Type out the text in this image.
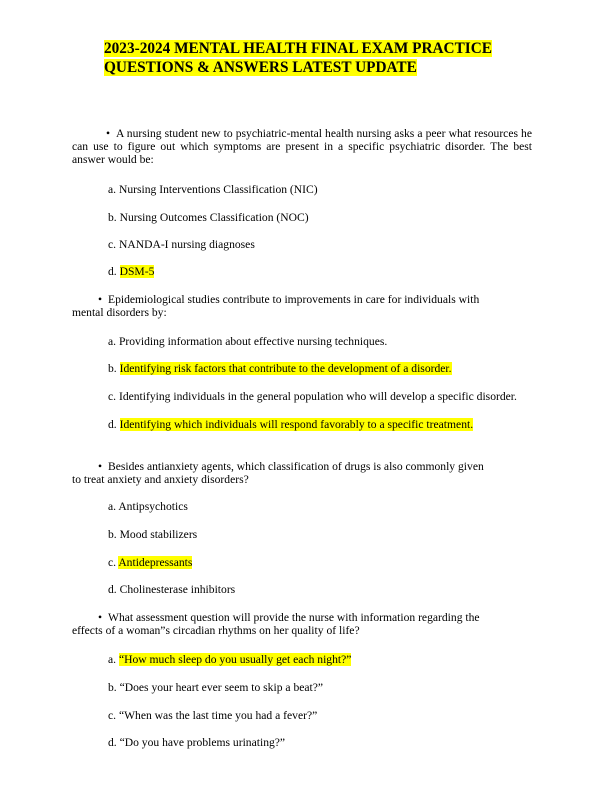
2023-2024 MENTAL HEALTH FINAL EXAM PRACTICE
QUESTIONS & ANSWERS LATEST UPDATE
• A nursing student new to psychiatric-mental health nursing asks a peer what resources he can use to figure out which symptoms are present in a specific psychiatric disorder. The best answer would be:
a. Nursing Interventions Classification (NIC)
b. Nursing Outcomes Classification (NOC)
c. NANDA-I nursing diagnoses
d. DSM-5
• Epidemiological studies contribute to improvements in care for individuals with
mental disorders by:
a. Providing information about effective nursing techniques.
b. Identifying risk factors that contribute to the development of a disorder.
c. Identifying individuals in the general population who will develop a specific disorder.
d. Identifying which individuals will respond favorably to a specific treatment.
• Besides antianxiety agents, which classification of drugs is also commonly given
to treat anxiety and anxiety disorders?
a. Antipsychotics
b. Mood stabilizers
c. Antidepressants
d. Cholinesterase inhibitors
• What assessment question will provide the nurse with information regarding the
effects of a woman”s circadian rhythms on her quality of life?
a. “How much sleep do you usually get each night?”
b. “Does your heart ever seem to skip a beat?”
c. “When was the last time you had a fever?”
d. “Do you have problems urinating?”
